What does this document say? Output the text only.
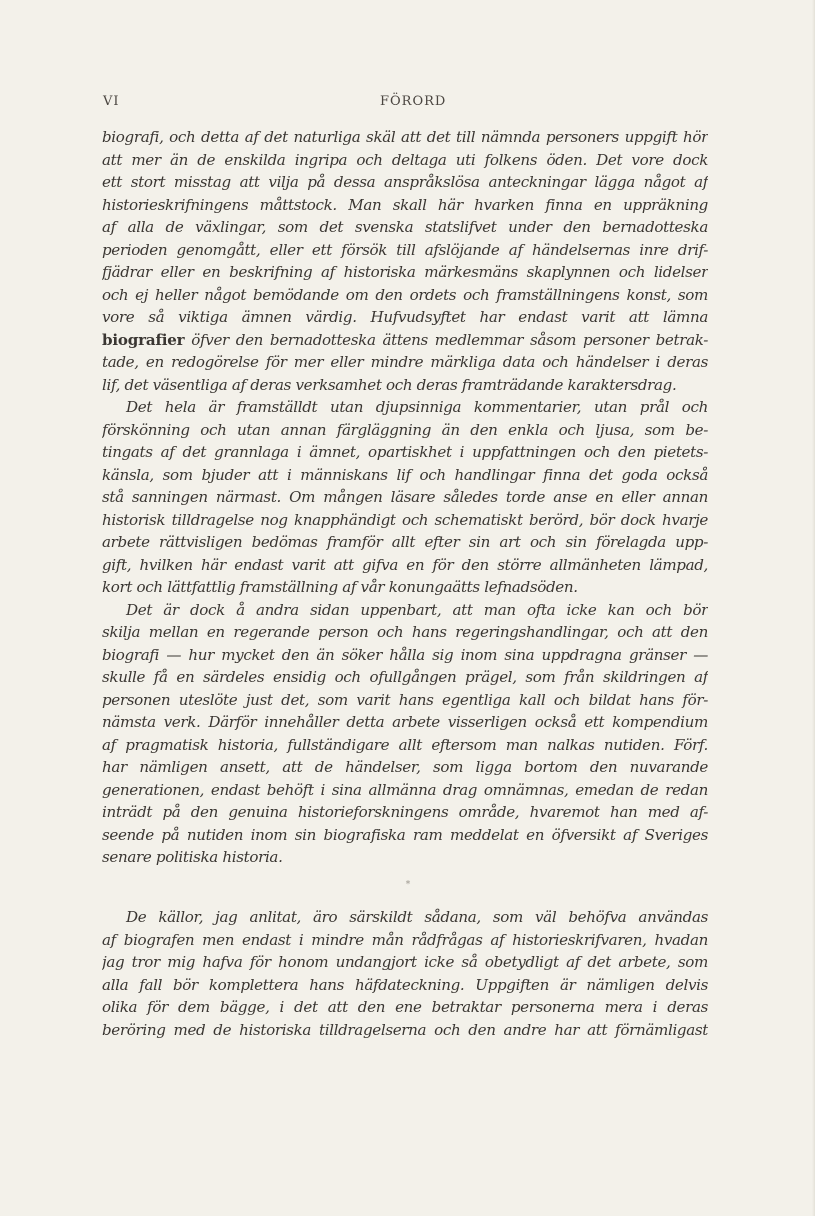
VI	FÖRORD
biografi, och detta af det naturliga skäl att det till nämnda personers uppgift hör
att mer än de enskilda ingripa och deltaga uti folkens öden. Det vore dock
ett stort misstag att vilja på dessa anspråkslösa anteckningar lägga något af
historieskrifningens måttstock. Man skall här hvarken finna en uppräkning
af alla de växlingar, som det svenska statslifvet under den bernadotteska
perioden genomgått, eller ett försök till afslöjande af händelsernas inre drif-
fjädrar eller en beskrifning af historiska märkesmäns skaplynnen och lidelser
och ej heller något bemödande om den ordets och framställningens konst, som
vore så viktiga ämnen värdig. Hufvudsyftet har endast varit att lämna
biografier öfver den bernadotteska ättens medlemmar såsom personer betrak-
tade, en redogörelse för mer eller mindre märkliga data och händelser i deras
lif, det väsentliga af deras verksamhet och deras framträdande karaktersdrag.
Det hela är framställdt utan djupsinniga kommentarier, utan prål och
förskönning och utan annan färgläggning än den enkla och ljusa, som be-
tingats af det grannlaga i ämnet, opartiskhet i uppfattningen och den pietets-
känsla, som bjuder att i människans lif och handlingar finna det goda också
stå sanningen närmast. Om mången läsare således torde anse en eller annan
historisk tilldragelse nog knapphändigt och schematiskt berörd, bör dock hvarje
arbete rättvisligen bedömas framför allt efter sin art och sin förelagda upp-
gift, hvilken här endast varit att gifva en för den större allmänheten lämpad,
kort och lättfattlig framställning af vår konungaätts lefnadsöden.
Det är dock å andra sidan uppenbart, att man ofta icke kan och bör
skilja mellan en regerande person och hans regeringshandlingar, och att den
biografi — hur mycket den än söker hålla sig inom sina uppdragna gränser —
skulle få en särdeles ensidig och ofullgången prägel, som från skildringen af
personen uteslöte just det, som varit hans egentliga kall och bildat hans för-
nämsta verk. Därför innehåller detta arbete visserligen också ett kompendium
af pragmatisk historia, fullständigare allt eftersom man nalkas nutiden. Förf.
har nämligen ansett, att de händelser, som ligga bortom den nuvarande
generationen, endast behöft i sina allmänna drag omnämnas, emedan de redan
inträdt på den genuina historieforskningens område, hvaremot han med af-
seende på nutiden inom sin biografiska ram meddelat en öfversikt af Sveriges
senare politiska historia.
*
De källor, jag anlitat, äro särskildt sådana, som väl behöfva användas
af biografen men endast i mindre mån rådfrågas af historieskrifvaren, hvadan
jag tror mig hafva för honom undangjort icke så obetydligt af det arbete, som
alla fall bör komplettera hans häfdateckning. Uppgiften är nämligen delvis
olika för dem bägge, i det att den ene betraktar personerna mera i deras
beröring med de historiska tilldragelserna och den andre har att förnämligast
